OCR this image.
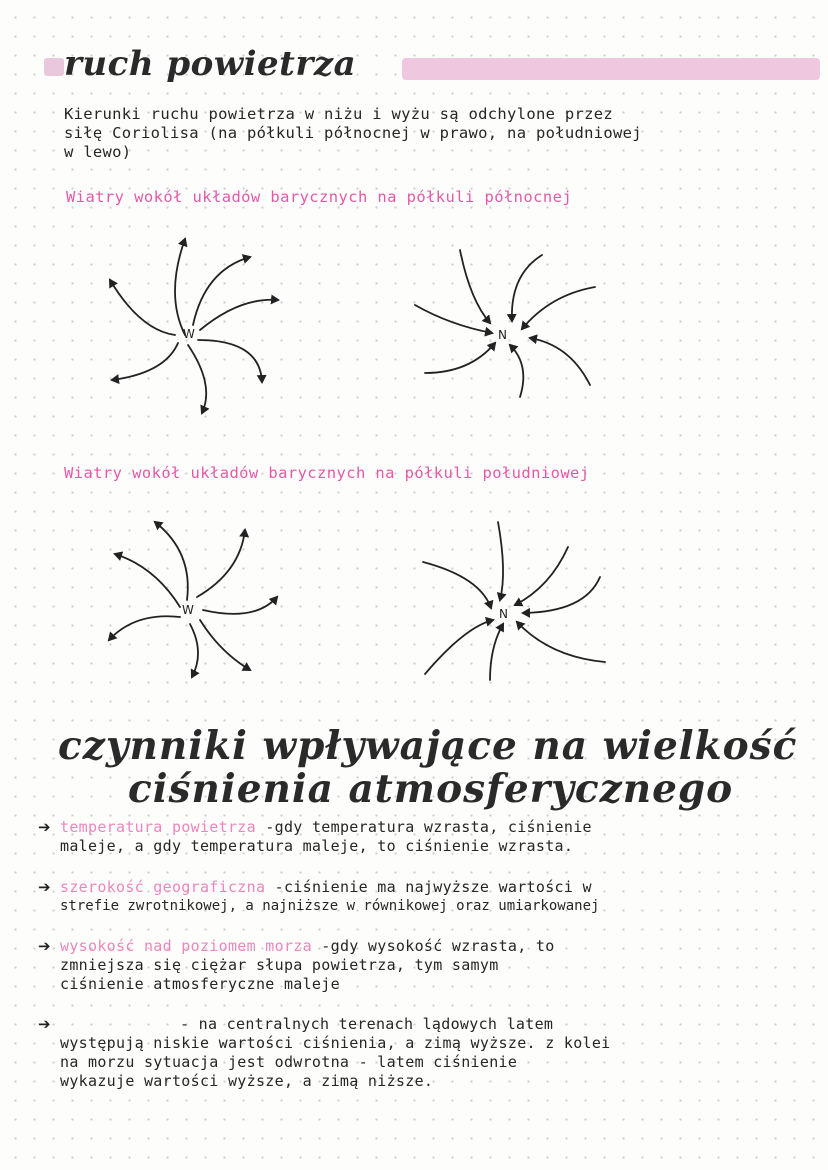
ruch powietrza
Kierunki ruchu powietrza w niżu i wyżu są odchylone przez
siłę Coriolisa (na półkuli północnej w prawo, na południowej
w lewo)
Wiatry wokół układów barycznych na półkuli północnej
W	N
Wiatry wokół układów barycznych na półkuli południowej
W	N
czynniki wpływające na wielkość
ciśnienia atmosferycznego
➔ temperatura powietrza -gdy temperatura wzrasta, ciśnienie
maleje, a gdy temperatura maleje, to ciśnienie wzrasta.
➔ szerokość geograficzna -ciśnienie ma najwyższe wartości w
strefie zwrotnikowej, a najniższe w równikowej oraz umiarkowanej
➔ wysokość nad poziomem morza -gdy wysokość wzrasta, to
zmniejsza się ciężar słupa powietrza, tym samym
ciśnienie atmosferyczne maleje
➔	- na centralnych terenach lądowych latem
występują niskie wartości ciśnienia, a zimą wyższe. z kolei
na morzu sytuacja jest odwrotna - latem ciśnienie
wykazuje wartości wyższe, a zimą niższe.
